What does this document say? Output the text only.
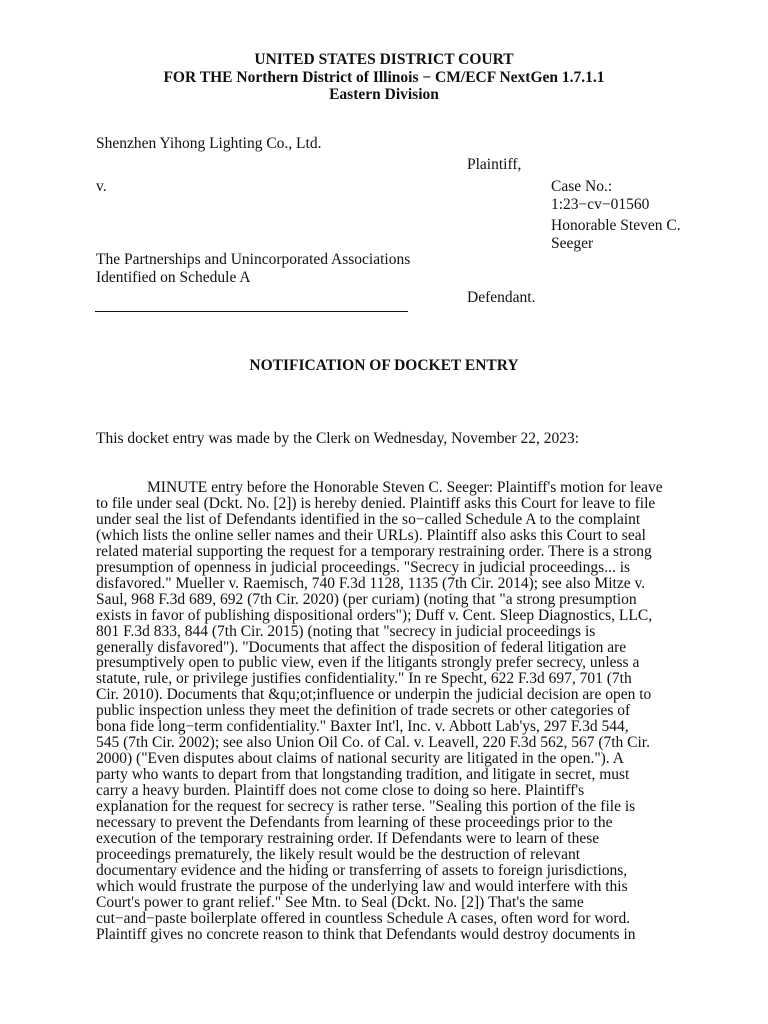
UNITED STATES DISTRICT COURT
FOR THE Northern District of Illinois − CM/ECF NextGen 1.7.1.1
Eastern Division
Shenzhen Yihong Lighting Co., Ltd.
Plaintiff,
v.	Case No.:
1:23−cv−01560
Honorable Steven C.
Seeger
The Partnerships and Unincorporated Associations
Identified on Schedule A
Defendant.
NOTIFICATION OF DOCKET ENTRY
This docket entry was made by the Clerk on Wednesday, November 22, 2023:
MINUTE entry before the Honorable Steven C. Seeger: Plaintiff's motion for leave
to file under seal (Dckt. No. [2]) is hereby denied. Plaintiff asks this Court for leave to file
under seal the list of Defendants identified in the so−called Schedule A to the complaint
(which lists the online seller names and their URLs). Plaintiff also asks this Court to seal
related material supporting the request for a temporary restraining order. There is a strong
presumption of openness in judicial proceedings. "Secrecy in judicial proceedings... is
disfavored." Mueller v. Raemisch, 740 F.3d 1128, 1135 (7th Cir. 2014); see also Mitze v.
Saul, 968 F.3d 689, 692 (7th Cir. 2020) (per curiam) (noting that "a strong presumption
exists in favor of publishing dispositional orders"); Duff v. Cent. Sleep Diagnostics, LLC,
801 F.3d 833, 844 (7th Cir. 2015) (noting that "secrecy in judicial proceedings is
generally disfavored"). "Documents that affect the disposition of federal litigation are
presumptively open to public view, even if the litigants strongly prefer secrecy, unless a
statute, rule, or privilege justifies confidentiality." In re Specht, 622 F.3d 697, 701 (7th
Cir. 2010). Documents that &qu;ot;influence or underpin the judicial decision are open to
public inspection unless they meet the definition of trade secrets or other categories of
bona fide long−term confidentiality." Baxter Int'l, Inc. v. Abbott Lab'ys, 297 F.3d 544,
545 (7th Cir. 2002); see also Union Oil Co. of Cal. v. Leavell, 220 F.3d 562, 567 (7th Cir.
2000) ("Even disputes about claims of national security are litigated in the open."). A
party who wants to depart from that longstanding tradition, and litigate in secret, must
carry a heavy burden. Plaintiff does not come close to doing so here. Plaintiff's
explanation for the request for secrecy is rather terse. "Sealing this portion of the file is
necessary to prevent the Defendants from learning of these proceedings prior to the
execution of the temporary restraining order. If Defendants were to learn of these
proceedings prematurely, the likely result would be the destruction of relevant
documentary evidence and the hiding or transferring of assets to foreign jurisdictions,
which would frustrate the purpose of the underlying law and would interfere with this
Court's power to grant relief." See Mtn. to Seal (Dckt. No. [2]) That's the same
cut−and−paste boilerplate offered in countless Schedule A cases, often word for word.
Plaintiff gives no concrete reason to think that Defendants would destroy documents in
